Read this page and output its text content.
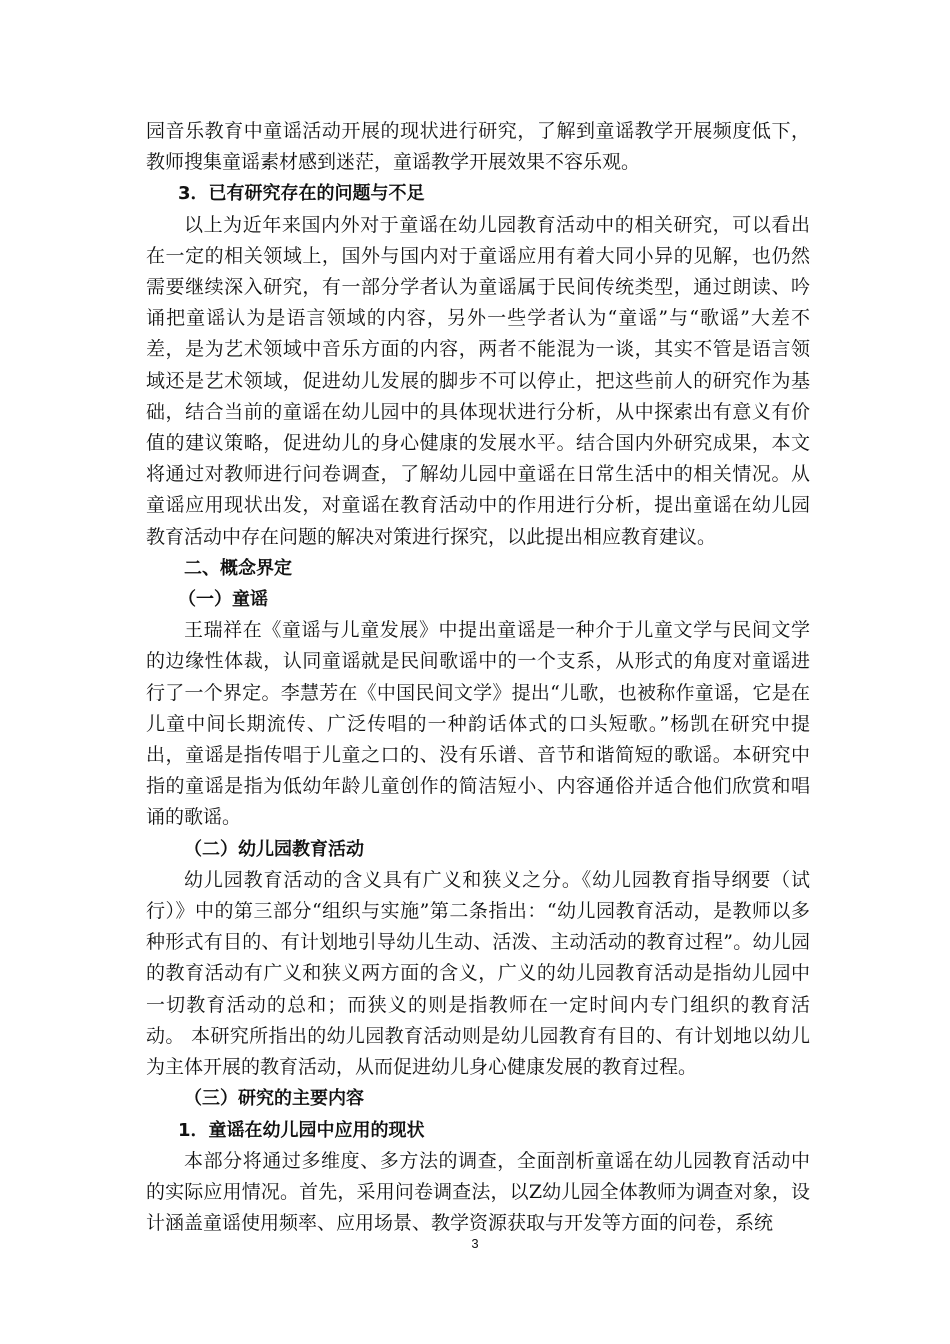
园音乐教育中童谣活动开展的现状进行研究，了解到童谣教学开展频度低下，教师搜集童谣素材感到迷茫，童谣教学开展效果不容乐观。

3．已有研究存在的问题与不足

以上为近年来国内外对于童谣在幼儿园教育活动中的相关研究，可以看出在一定的相关领域上，国外与国内对于童谣应用有着大同小异的见解，也仍然需要继续深入研究，有一部分学者认为童谣属于民间传统类型，通过朗读、吟诵把童谣认为是语言领域的内容，另外一些学者认为“童谣”与“歌谣”大差不差，是为艺术领域中音乐方面的内容，两者不能混为一谈，其实不管是语言领域还是艺术领域，促进幼儿发展的脚步不可以停止，把这些前人的研究作为基础，结合当前的童谣在幼儿园中的具体现状进行分析，从中探索出有意义有价值的建议策略，促进幼儿的身心健康的发展水平。结合国内外研究成果，本文将通过对教师进行问卷调查，了解幼儿园中童谣在日常生活中的相关情况。从童谣应用现状出发，对童谣在教育活动中的作用进行分析，提出童谣在幼儿园教育活动中存在问题的解决对策进行探究，以此提出相应教育建议。

二、概念界定

（一）童谣

王瑞祥在《童谣与儿童发展》中提出童谣是一种介于儿童文学与民间文学的边缘性体裁，认同童谣就是民间歌谣中的一个支系，从形式的角度对童谣进行了一个界定。李慧芳在《中国民间文学》提出“儿歌，也被称作童谣，它是在儿童中间长期流传、广泛传唱的一种韵话体式的口头短歌。”杨凯在研究中提出，童谣是指传唱于儿童之口的、没有乐谱、音节和谐简短的歌谣。本研究中指的童谣是指为低幼年龄儿童创作的简洁短小、内容通俗并适合他们欣赏和唱诵的歌谣。

（二）幼儿园教育活动

幼儿园教育活动的含义具有广义和狭义之分。《幼儿园教育指导纲要（试行）》中的第三部分“组织与实施”第二条指出：“幼儿园教育活动，是教师以多种形式有目的、有计划地引导幼儿生动、活泼、主动活动的教育过程”。幼儿园的教育活动有广义和狭义两方面的含义，广义的幼儿园教育活动是指幼儿园中一切教育活动的总和；而狭义的则是指教师在一定时间内专门组织的教育活动。 本研究所指出的幼儿园教育活动则是幼儿园教育有目的、有计划地以幼儿为主体开展的教育活动，从而促进幼儿身心健康发展的教育过程。

（三）研究的主要内容

1．童谣在幼儿园中应用的现状

本部分将通过多维度、多方法的调查，全面剖析童谣在幼儿园教育活动中的实际应用情况。首先，采用问卷调查法，以Z幼儿园全体教师为调查对象，设计涵盖童谣使用频率、应用场景、教学资源获取与开发等方面的问卷，系统

3
